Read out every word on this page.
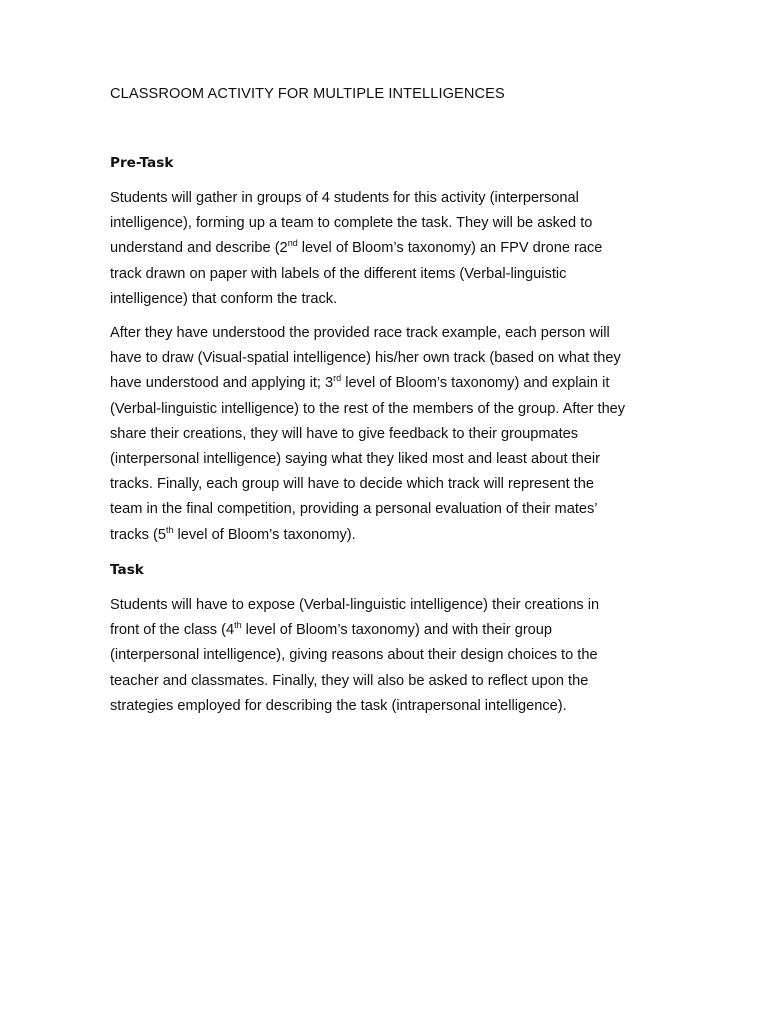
CLASSROOM ACTIVITY FOR MULTIPLE INTELLIGENCES
Pre-Task

Students will gather in groups of 4 students for this activity (interpersonal
intelligence), forming up a team to complete the task. They will be asked to
understand and describe (2nd level of Bloom’s taxonomy) an FPV drone race
track drawn on paper with labels of the different items (Verbal-linguistic
intelligence) that conform the track.

After they have understood the provided race track example, each person will
have to draw (Visual-spatial intelligence) his/her own track (based on what they
have understood and applying it; 3rd level of Bloom’s taxonomy) and explain it
(Verbal-linguistic intelligence) to the rest of the members of the group. After they
share their creations, they will have to give feedback to their groupmates
(interpersonal intelligence) saying what they liked most and least about their
tracks. Finally, each group will have to decide which track will represent the
team in the final competition, providing a personal evaluation of their mates’
tracks (5th level of Bloom’s taxonomy).

Task

Students will have to expose (Verbal-linguistic intelligence) their creations in
front of the class (4th level of Bloom’s taxonomy) and with their group
(interpersonal intelligence), giving reasons about their design choices to the
teacher and classmates. Finally, they will also be asked to reflect upon the
strategies employed for describing the task (intrapersonal intelligence).
